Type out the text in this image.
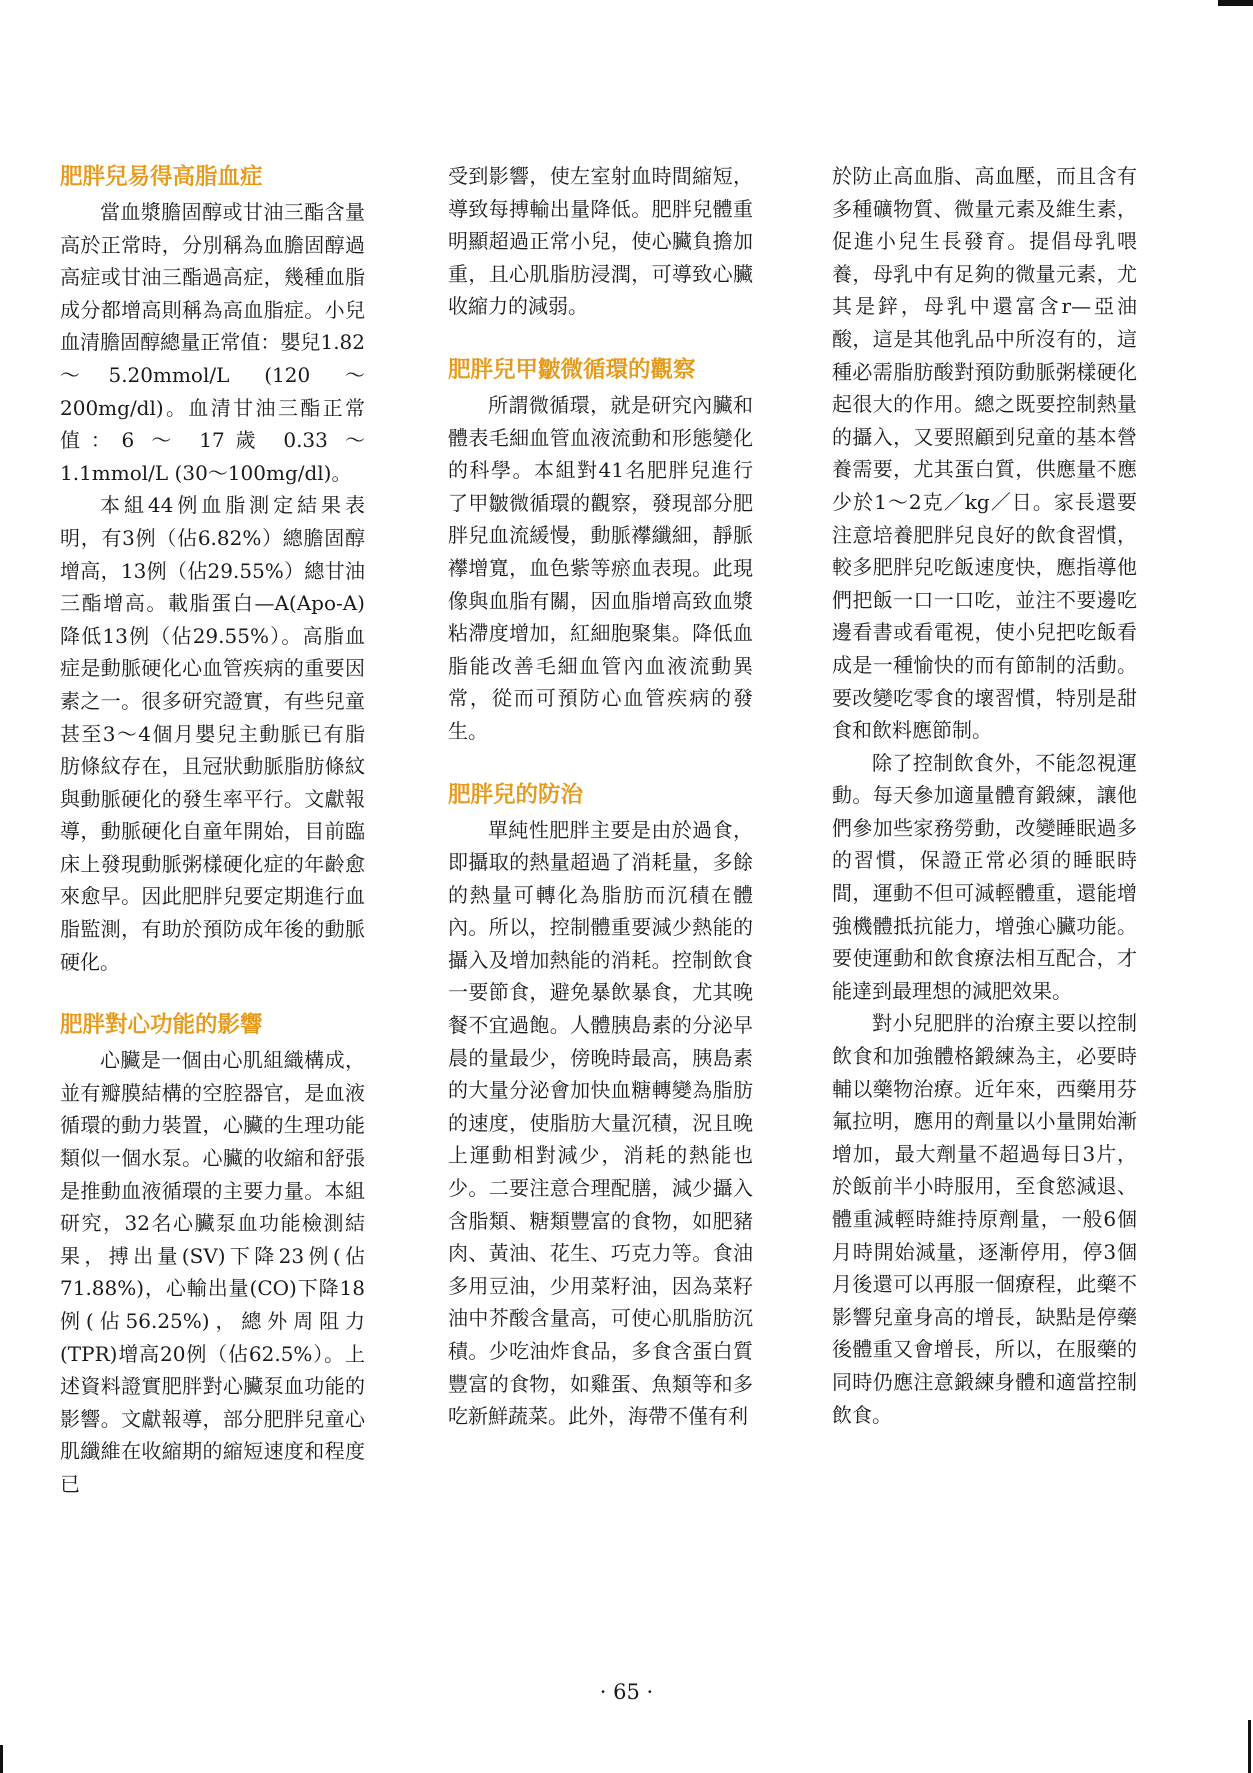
肥胖兒易得高脂血症

當血漿膽固醇或甘油三酯含量高於正常時，分別稱為血膽固醇過高症或甘油三酯過高症，幾種血脂成分都增高則稱為高血脂症。小兒血清膽固醇總量正常值：嬰兒1.82～5.20mmol/L (120 ～ 200mg/dl)。血清甘油三酯正常值：6 ～ 17歲 0.33 ～ 1.1mmol/L (30～100mg/dl)。

本組44例血脂測定結果表明，有3例（佔6.82%）總膽固醇增高，13例（佔29.55%）總甘油三酯增高。載脂蛋白—A(Apo-A)降低13例（佔29.55%）。高脂血症是動脈硬化心血管疾病的重要因素之一。很多研究證實，有些兒童甚至3～4個月嬰兒主動脈已有脂肪條紋存在，且冠狀動脈脂肪條紋與動脈硬化的發生率平行。文獻報導，動脈硬化自童年開始，目前臨床上發現動脈粥樣硬化症的年齡愈來愈早。因此肥胖兒要定期進行血脂監測，有助於預防成年後的動脈硬化。

肥胖對心功能的影響

心臟是一個由心肌組織構成，並有瓣膜結構的空腔器官，是血液循環的動力裝置，心臟的生理功能類似一個水泵。心臟的收縮和舒張是推動血液循環的主要力量。本組研究，32名心臟泵血功能檢測結果，搏出量(SV)下降23例(佔71.88%)，心輸出量(CO)下降18例(佔56.25%)，總外周阻力(TPR)增高20例（佔62.5%）。上述資料證實肥胖對心臟泵血功能的影響。文獻報導，部分肥胖兒童心肌纖維在收縮期的縮短速度和程度已

受到影響，使左室射血時間縮短，導致每搏輸出量降低。肥胖兒體重明顯超過正常小兒，使心臟負擔加重，且心肌脂肪浸潤，可導致心臟收縮力的減弱。

肥胖兒甲皺微循環的觀察

所謂微循環，就是研究內臟和體表毛細血管血液流動和形態變化的科學。本組對41名肥胖兒進行了甲皺微循環的觀察，發現部分肥胖兒血流緩慢，動脈襻纖細，靜脈襻增寬，血色紫等瘀血表現。此現像與血脂有關，因血脂增高致血漿粘滯度增加，紅細胞聚集。降低血脂能改善毛細血管內血液流動異常，從而可預防心血管疾病的發生。

肥胖兒的防治

單純性肥胖主要是由於過食，即攝取的熱量超過了消耗量，多餘的熱量可轉化為脂肪而沉積在體內。所以，控制體重要減少熱能的攝入及增加熱能的消耗。控制飲食一要節食，避免暴飲暴食，尤其晚餐不宜過飽。人體胰島素的分泌早晨的量最少，傍晚時最高，胰島素的大量分泌會加快血糖轉變為脂肪的速度，使脂肪大量沉積，況且晚上運動相對減少，消耗的熱能也少。二要注意合理配膳，減少攝入含脂類、糖類豐富的食物，如肥豬肉、黃油、花生、巧克力等。食油多用豆油，少用菜籽油，因為菜籽油中芥酸含量高，可使心肌脂肪沉積。少吃油炸食品，多食含蛋白質豐富的食物，如雞蛋、魚類等和多吃新鮮蔬菜。此外，海帶不僅有利

於防止高血脂、高血壓，而且含有多種礦物質、微量元素及維生素，促進小兒生長發育。提倡母乳喂養，母乳中有足夠的微量元素，尤其是鋅，母乳中還富含r—亞油酸，這是其他乳品中所沒有的，這種必需脂肪酸對預防動脈粥樣硬化起很大的作用。總之既要控制熱量的攝入，又要照顧到兒童的基本營養需要，尤其蛋白質，供應量不應少於1～2克／kg／日。家長還要注意培養肥胖兒良好的飲食習慣，較多肥胖兒吃飯速度快，應指導他們把飯一口一口吃，並注不要邊吃邊看書或看電視，使小兒把吃飯看成是一種愉快的而有節制的活動。要改變吃零食的壞習慣，特別是甜食和飲料應節制。

除了控制飲食外，不能忽視運動。每天參加適量體育鍛練，讓他們參加些家務勞動，改變睡眠過多的習慣，保證正常必須的睡眠時間，運動不但可減輕體重，還能增強機體抵抗能力，增強心臟功能。要使運動和飲食療法相互配合，才能達到最理想的減肥效果。

對小兒肥胖的治療主要以控制飲食和加強體格鍛練為主，必要時輔以藥物治療。近年來，西藥用芬氟拉明，應用的劑量以小量開始漸增加，最大劑量不超過每日3片，於飯前半小時服用，至食慾減退、體重減輕時維持原劑量，一般6個月時開始減量，逐漸停用，停3個月後還可以再服一個療程，此藥不影響兒童身高的增長，缺點是停藥後體重又會增長，所以，在服藥的同時仍應注意鍛練身體和適當控制飲食。

· 65 ·
